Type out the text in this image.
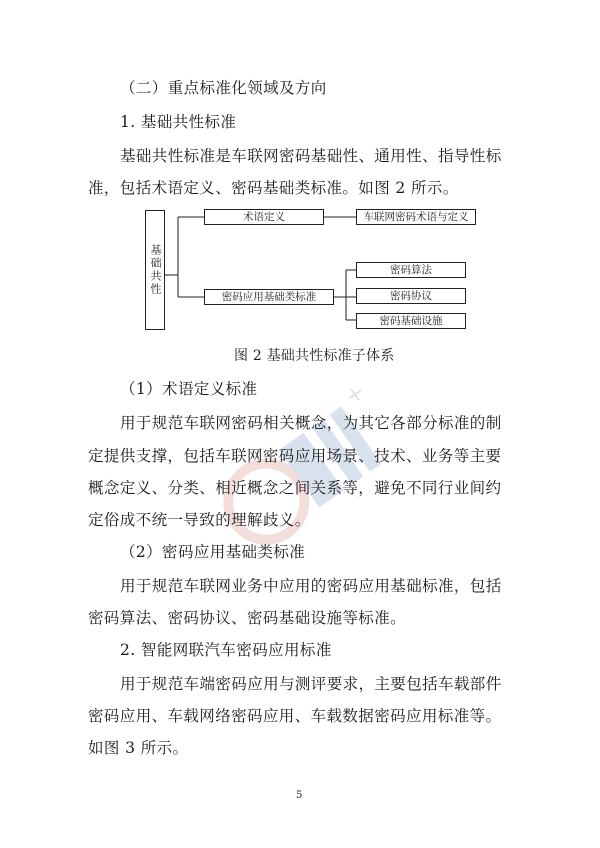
+
（二）重点标准化领域及方向
1. 基础共性标准
基础共性标准是车联网密码基础性、通用性、指导性标
准，包括术语定义、密码基础类标准。如图 2 所示。
基础共性
术语定义	车联网密码术语与定义
密码应用基础类标准
密码算法
密码协议
密码基础设施
图 2 基础共性标准子体系
（1）术语定义标准
用于规范车联网密码相关概念，为其它各部分标准的制
定提供支撑，包括车联网密码应用场景、技术、业务等主要
概念定义、分类、相近概念之间关系等，避免不同行业间约
定俗成不统一导致的理解歧义。
（2）密码应用基础类标准
用于规范车联网业务中应用的密码应用基础标准，包括
密码算法、密码协议、密码基础设施等标准。
2. 智能网联汽车密码应用标准
用于规范车端密码应用与测评要求，主要包括车载部件
密码应用、车载网络密码应用、车载数据密码应用标准等。
如图 3 所示。
5
